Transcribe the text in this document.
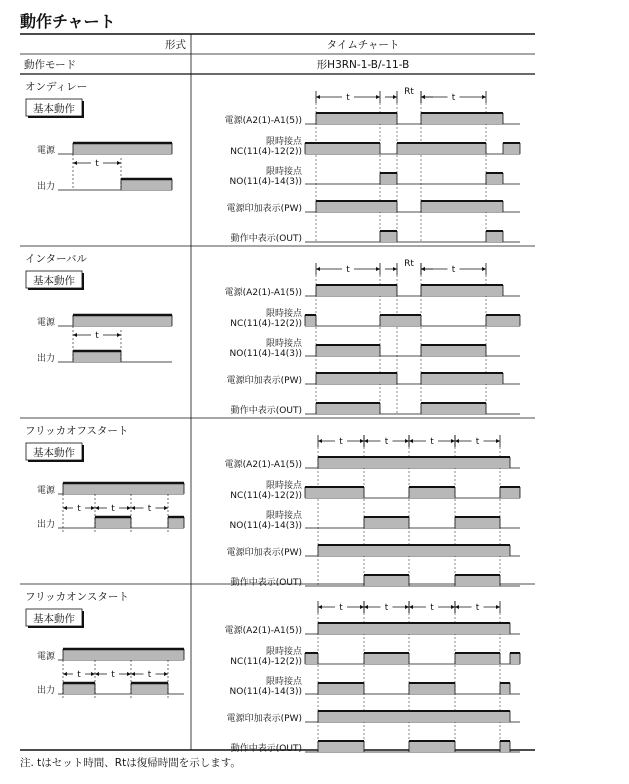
動作チャート
形式	タイムチャート
動作モード	形H3RN-1-B/-11-B
オンディレー
基本動作
電源
出力
t
t
Rt
t
電源(A2(1)-A1(5))
限時接点
NC(11(4)-12(2))
限時接点
NO(11(4)-14(3))
電源印加表示(PW)
動作中表示(OUT)
インターバル
基本動作
電源
出力
t
t
Rt
t
電源(A2(1)-A1(5))
限時接点
NC(11(4)-12(2))
限時接点
NO(11(4)-14(3))
電源印加表示(PW)
動作中表示(OUT)
フリッカオフスタート
基本動作
電源
出力
t	t	t
t	t	t	t
電源(A2(1)-A1(5))
限時接点
NC(11(4)-12(2))
限時接点
NO(11(4)-14(3))
電源印加表示(PW)
動作中表示(OUT)
フリッカオンスタート
基本動作
電源
出力
t	t	t
t	t	t	t
電源(A2(1)-A1(5))
限時接点
NC(11(4)-12(2))
限時接点
NO(11(4)-14(3))
電源印加表示(PW)
動作中表示(OUT)
注. tはセット時間、Rtは復帰時間を示します。
